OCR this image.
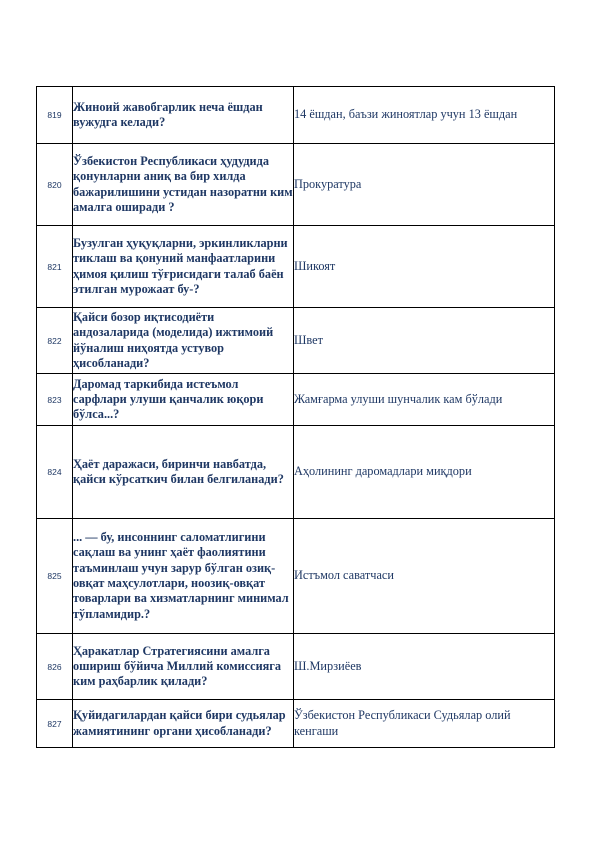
819	Жиноий жавобгарлик неча ёшдан вужудга келади?	14 ёшдан, баъзи жиноятлар учун 13 ёшдан
820	Ўзбекистон Республикаси ҳудудида қонунларни аниқ ва бир хилда бажарилишини устидан назоратни ким амалга оширади ?	Прокуратура
821	Бузулган ҳуқуқларни, эркинликларни тиклаш ва қонуний манфаатларини ҳимоя қилиш тўғрисидаги талаб баён этилган мурожаат бу-?	Шикоят
822	Қайси бозор иқтисодиёти андозаларида (моделида) ижтимоий йўналиш ниҳоятда устувор ҳисобланади?	Швет
823	Даромад таркибида истеъмол сарфлари улуши қанчалик юқори бўлса...?	Жамғарма улуши шунчалик кам бўлади
824	Ҳаёт даражаси, биринчи навбатда, қайси кўрсаткич билан белгиланади?	Аҳолининг даромадлари миқдори
825	... — бу, инсоннинг саломатлигини сақлаш ва унинг ҳаёт фаолиятини таъминлаш учун зарур бўлган озиқ-овқат маҳсулотлари, ноозиқ-овқат товарлари ва хизматларнинг минимал тўпламидир.?	Истъмол саватчаси
826	Ҳаракатлар Стратегиясини амалга ошириш бўйича Миллий комиссияга ким раҳбарлик қилади?	Ш.Мирзиёев
827	Қуйидагилардан қайси бири судьялар жамиятининг органи ҳисобланади?	Ўзбекистон Республикаси Судьялар олий кенгаши
